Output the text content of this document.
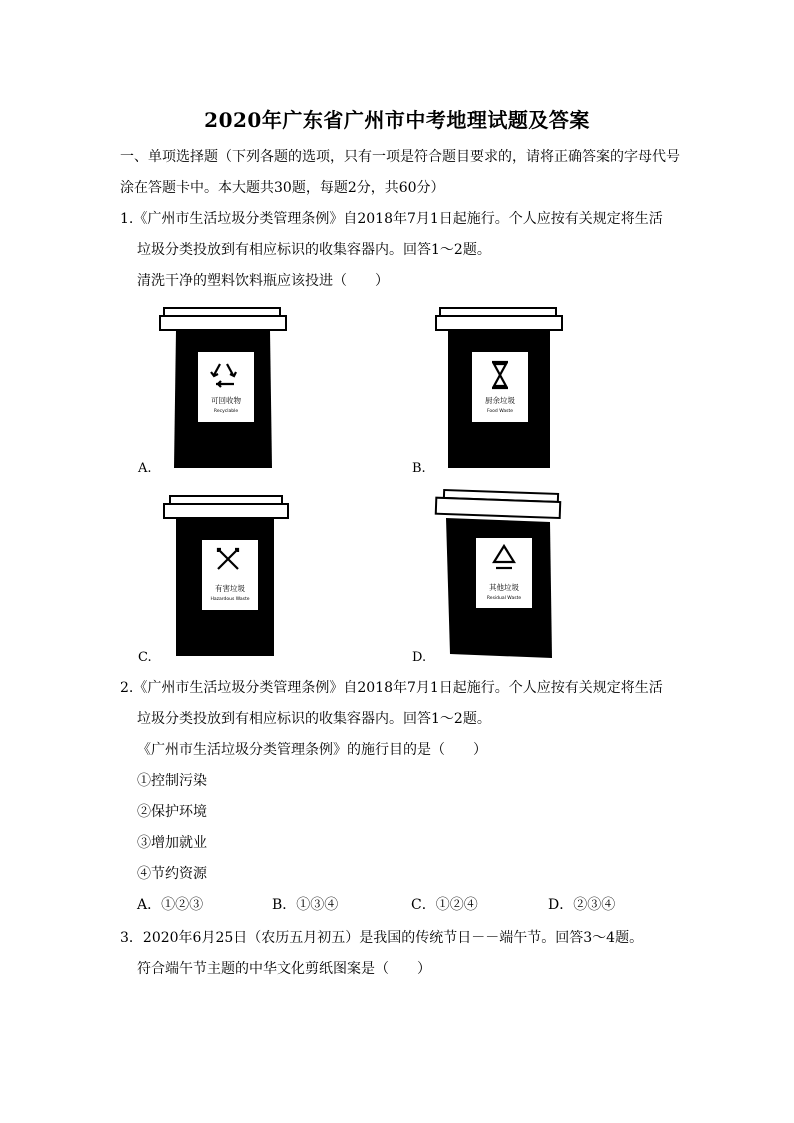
2020年广东省广州市中考地理试题及答案
一、单项选择题（下列各题的选项，只有一项是符合题目要求的，请将正确答案的字母代号
涂在答题卡中。本大题共30题，每题2分，共60分）
1.《广州市生活垃圾分类管理条例》自2018年7月1日起施行。个人应按有关规定将生活
垃圾分类投放到有相应标识的收集容器内。回答1～2题。
清洗干净的塑料饮料瓶应该投进（　　）
可回收物
Recyclable
A.
厨余垃圾
Food Waste
B.
有害垃圾
Hazardous Waste
C.
其他垃圾
Residual Waste
D.
2.《广州市生活垃圾分类管理条例》自2018年7月1日起施行。个人应按有关规定将生活
垃圾分类投放到有相应标识的收集容器内。回答1～2题。
《广州市生活垃圾分类管理条例》的施行目的是（　　）
①控制污染
②保护环境
③增加就业
④节约资源
A．①②③	B．①③④	C．①②④	D．②③④
3．2020年6月25日（农历五月初五）是我国的传统节日－－端午节。回答3～4题。
符合端午节主题的中华文化剪纸图案是（　　）
